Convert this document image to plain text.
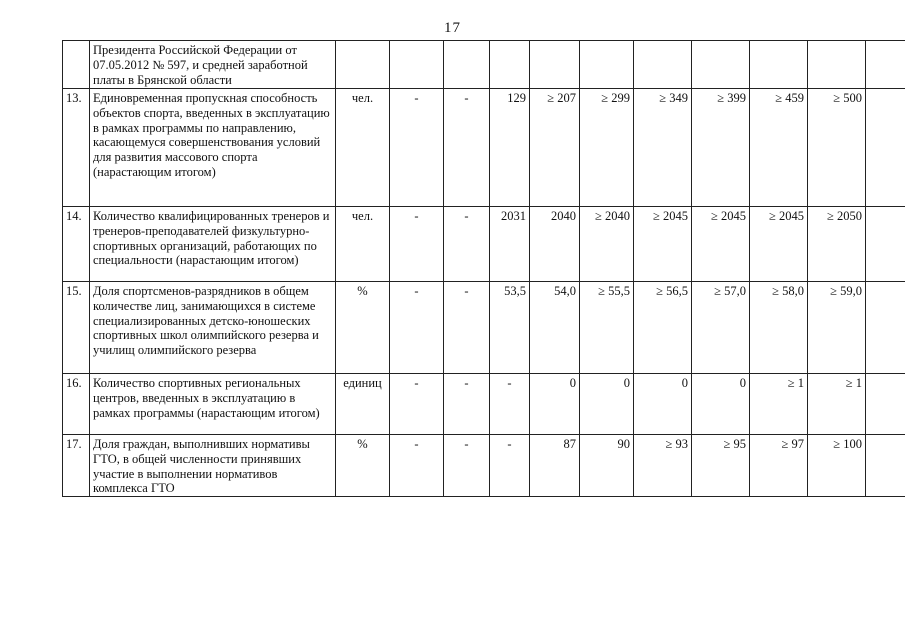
17
	Президента Российской Федерации от 07.05.2012 № 597, и средней заработной платы в Брянской области											
13.	Единовременная пропускная способность объектов спорта, введенных в эксплуатацию в рамках программы по направлению, касающемуся совершенствования условий для развития массового спорта (нарастающим итогом)	чел.	-	-	129	≥ 207	≥ 299	≥ 349	≥ 399	≥ 459	≥ 500	
14.	Количество квалифицированных тренеров и тренеров-преподавателей физкультурно-спортивных организаций, работающих по специальности (нарастающим итогом)	чел.	-	-	2031	2040	≥ 2040	≥ 2045	≥ 2045	≥ 2045	≥ 2050	
15.	Доля спортсменов-разрядников в общем количестве лиц, занимающихся в системе специализированных детско-юношеских спортивных школ олимпийского резерва и училищ олимпийского резерва	%	-	-	53,5	54,0	≥ 55,5	≥ 56,5	≥ 57,0	≥ 58,0	≥ 59,0	
16.	Количество спортивных региональных центров, введенных в эксплуатацию в рамках программы (нарастающим итогом)	единиц	-	-	-	0	0	0	0	≥ 1	≥ 1	
17.	Доля граждан, выполнивших нормативы ГТО, в общей численности принявших участие в выполнении нормативов комплекса ГТО	%	-	-	-	87	90	≥ 93	≥ 95	≥ 97	≥ 100	
